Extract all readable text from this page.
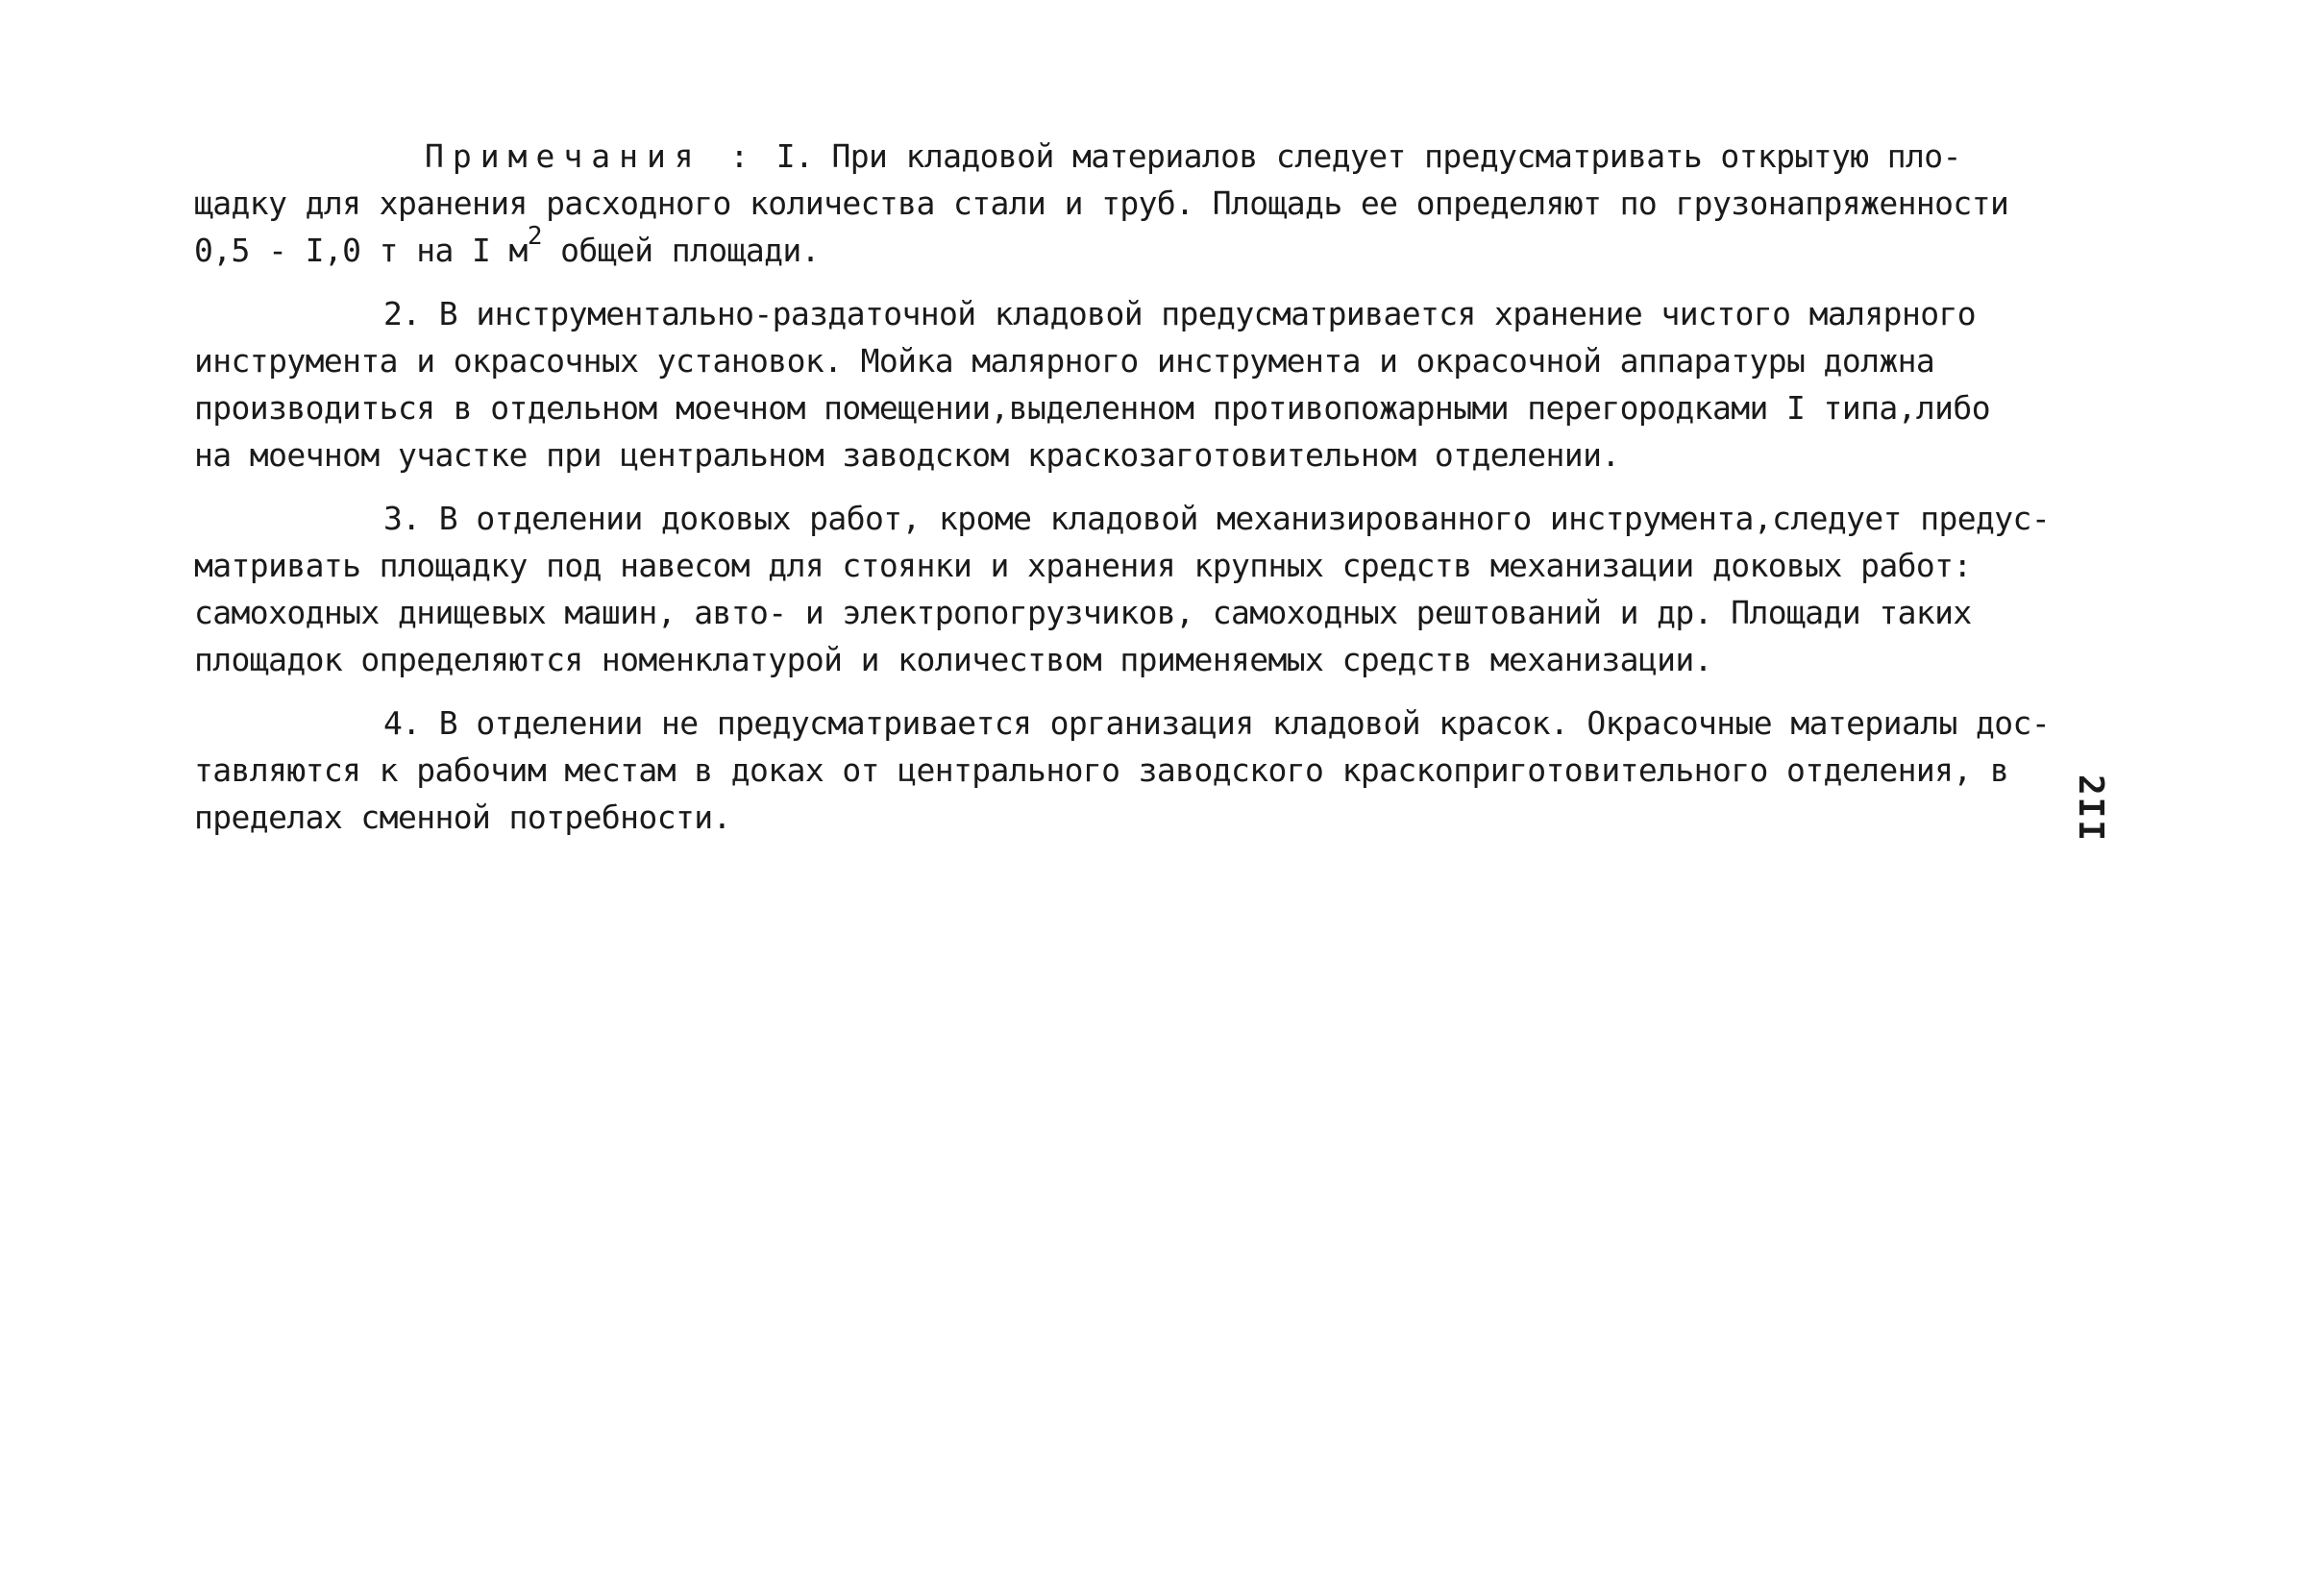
Примечания : I. При кладовой материалов следует предусматривать открытую пло-
щадку для хранения расходного количества стали и труб. Площадь ее определяют по грузонапряженности
0,5 - I,0 т на I $м^2$ общей площади.
2. В инструментально-раздаточной кладовой предусматривается хранение чистого малярного
инструмента и окрасочных установок. Мойка малярного инструмента и окрасочной аппаратуры должна
производиться в отдельном моечном помещении,выделенном противопожарными перегородками I типа,либо
на моечном участке при центральном заводском краскозаготовительном отделении.
3. В отделении доковых работ, кроме кладовой механизированного инструмента,следует предус-
матривать площадку под навесом для стоянки и хранения крупных средств механизации доковых работ:
самоходных днищевых машин, авто- и электропогрузчиков, самоходных рештований и др. Площади таких
площадок определяются номенклатурой и количеством применяемых средств механизации.
4. В отделении не предусматривается организация кладовой красок. Окрасочные материалы дос-
тавляются к рабочим местам в доках от центрального заводского краскоприготовительного отделения, в
пределах сменной потребности.	2II
